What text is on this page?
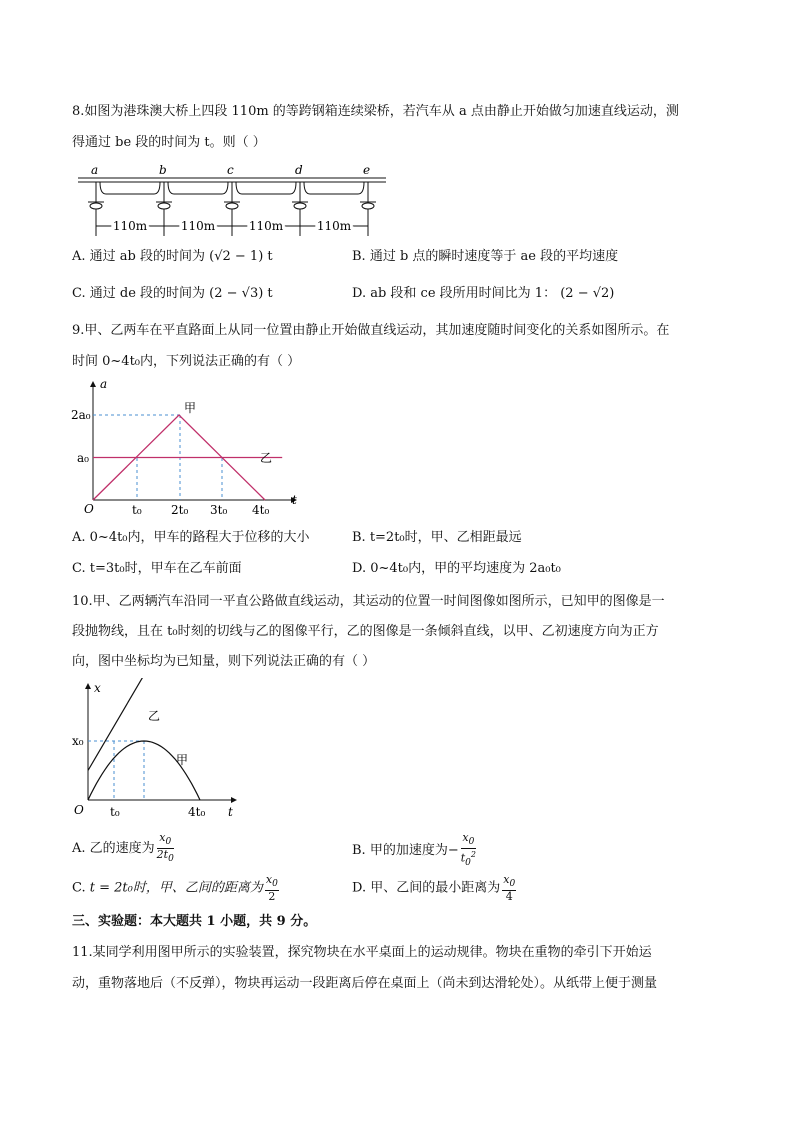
8.如图为港珠澳大桥上四段 110m 的等跨钢箱连续梁桥，若汽车从 a 点由静止开始做匀加速直线运动，测
得通过 be 段的时间为 t。则（ ）
a	b	c	d	e
110m	110m	110m	110m
A. 通过 ab 段的时间为 (√2 − 1) t	B. 通过 b 点的瞬时速度等于 ae 段的平均速度
C. 通过 de 段的时间为 (2 − √3) t	D. ab 段和 ce 段所用时间比为 1： (2 − √2)
9.甲、乙两车在平直路面上从同一位置由静止开始做直线运动，其加速度随时间变化的关系如图所示。在
时间 0~4t₀内，下列说法正确的有（ ）
a
t
O
2a₀
a₀
t₀ 2t₀ 3t₀ 4t₀
甲
乙
A. 0~4t₀内，甲车的路程大于位移的大小	B. t=2t₀时，甲、乙相距最远
C. t=3t₀时，甲车在乙车前面	D. 0~4t₀内，甲的平均速度为 2a₀t₀
10.甲、乙两辆汽车沿同一平直公路做直线运动，其运动的位置一时间图像如图所示，已知甲的图像是一
段抛物线，且在 t₀时刻的切线与乙的图像平行，乙的图像是一条倾斜直线，以甲、乙初速度方向为正方
向，图中坐标均为已知量，则下列说法正确的有（ ）
x
t
O
x₀
t₀	4t₀
乙
甲
A. 乙的速度为 $\frac{x_0}{2t_0}$	B. 甲的加速度为− $\frac{x_0}{t_0^2}$
C. t = 2t₀时，甲、乙间的距离为 $\frac{x_0}{2}$	D. 甲、乙间的最小距离为 $\frac{x_0}{4}$
三、实验题：本大题共 1 小题，共 9 分。
11.某同学利用图甲所示的实验装置，探究物块在水平桌面上的运动规律。物块在重物的牵引下开始运
动，重物落地后（不反弹），物块再运动一段距离后停在桌面上（尚未到达滑轮处）。从纸带上便于测量
